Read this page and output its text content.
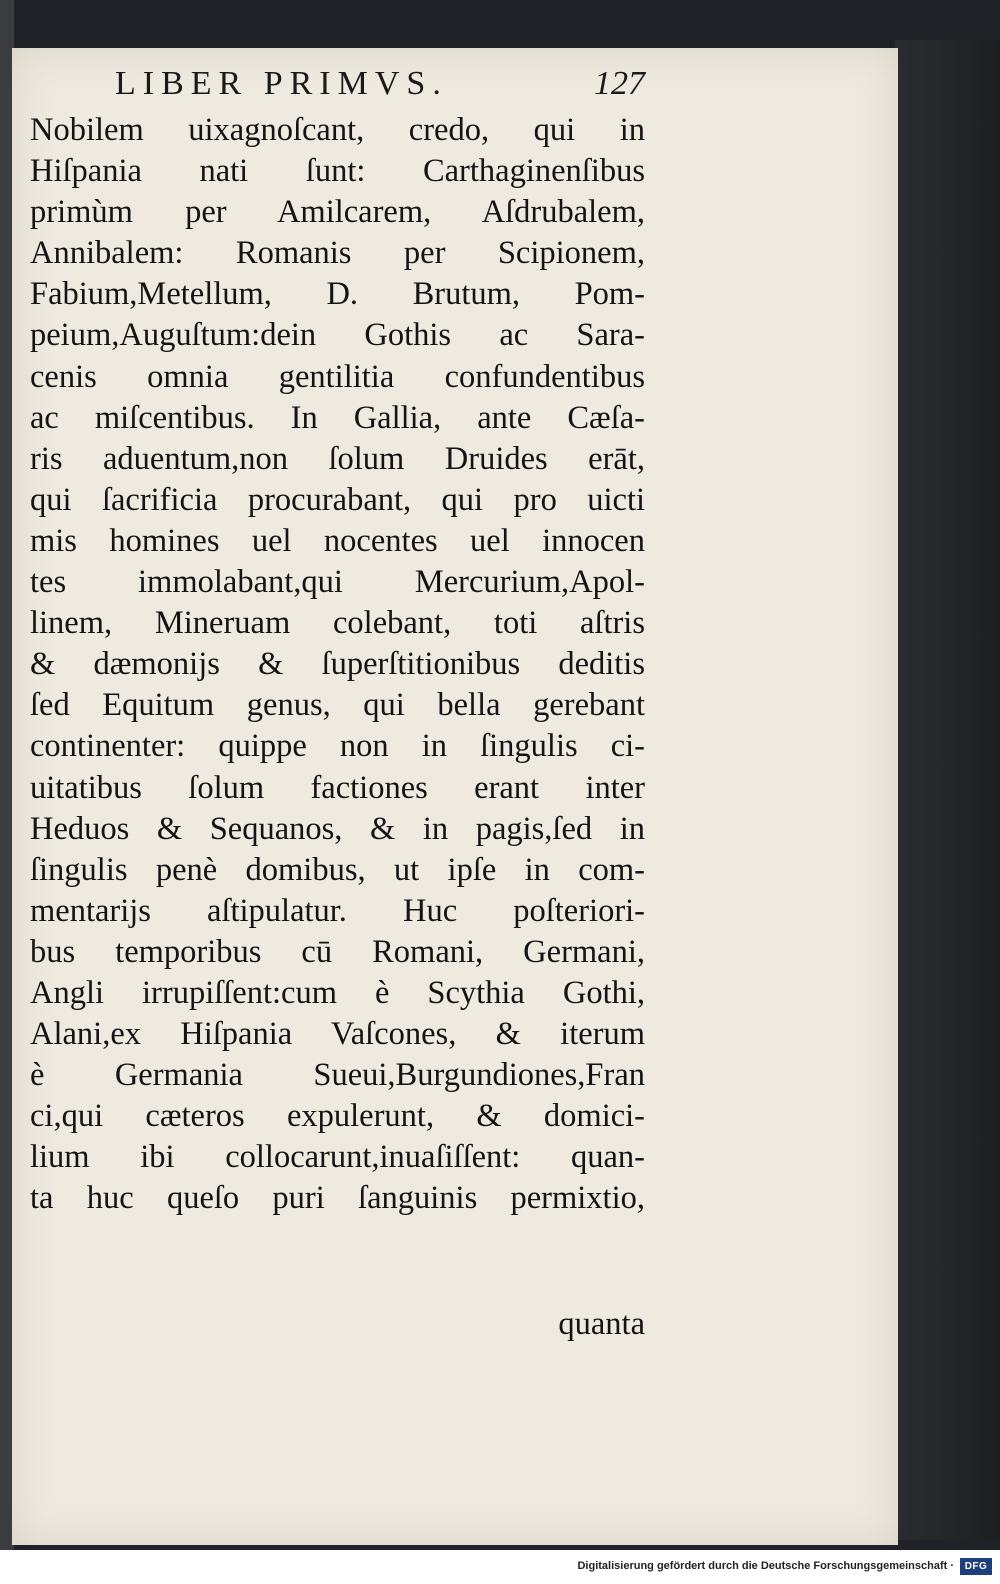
LIBER PRIMVS.	127
Nobilem uixagnoſcant, credo, qui in
Hiſpania nati ſunt: Carthaginenſibus
primùm per Amilcarem, Aſdrubalem,
Annibalem: Romanis per Scipionem,
Fabium,Metellum, D. Brutum, Pom-
peium,Auguſtum:dein Gothis ac Sara-
cenis omnia gentilitia confundentibus
ac miſcentibus. In Gallia, ante Cæſa-
ris aduentum,non ſolum Druides erāt,
qui ſacrificia procurabant, qui pro uicti
mis homines uel nocentes uel innocen
tes immolabant,qui Mercurium,Apol-
linem, Mineruam colebant, toti aſtris
& dæmonijs & ſuperſtitionibus deditis
ſed Equitum genus, qui bella gerebant
continenter: quippe non in ſingulis ci-
uitatibus ſolum factiones erant inter
Heduos & Sequanos, & in pagis,ſed in
ſingulis penè domibus, ut ipſe in com-
mentarijs aſtipulatur. Huc poſteriori-
bus temporibus cū Romani, Germani,
Angli irrupiſſent:cum è Scythia Gothi,
Alani,ex Hiſpania Vaſcones, & iterum
è Germania Sueui,Burgundiones,Fran
ci,qui cæteros expulerunt, & domici-
lium ibi collocarunt,inuaſiſſent: quan-
ta huc queſo puri ſanguinis permixtio,
quanta
Digitalisierung gefördert durch die Deutsche Forschungsgemeinschaft ·	DFG
